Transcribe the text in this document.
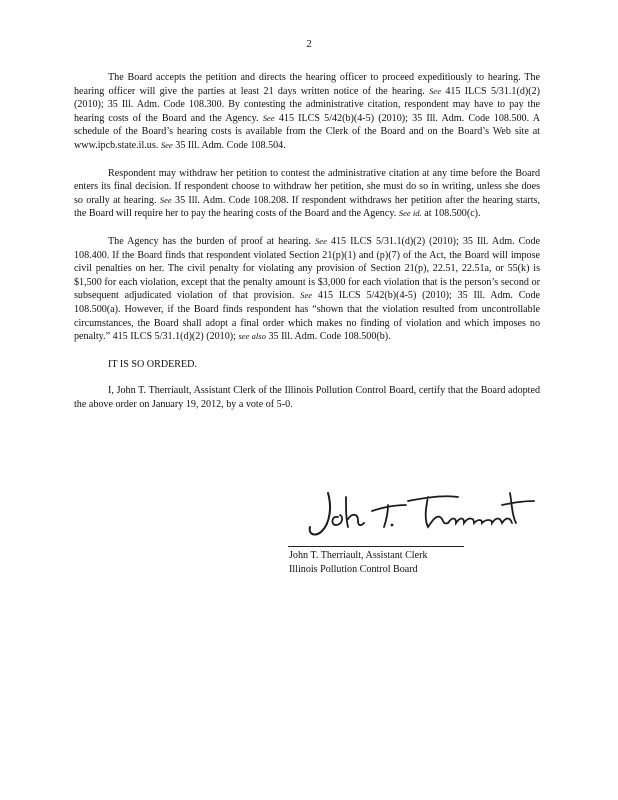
2

The Board accepts the petition and directs the hearing officer to proceed expeditiously to hearing. The hearing officer will give the parties at least 21 days written notice of the hearing. See 415 ILCS 5/31.1(d)(2) (2010); 35 Ill. Adm. Code 108.300. By contesting the administrative citation, respondent may have to pay the hearing costs of the Board and the Agency. See 415 ILCS 5/42(b)(4-5) (2010); 35 Ill. Adm. Code 108.500. A schedule of the Board’s hearing costs is available from the Clerk of the Board and on the Board’s Web site at www.ipcb.state.il.us. See 35 Ill. Adm. Code 108.504.

Respondent may withdraw her petition to contest the administrative citation at any time before the Board enters its final decision. If respondent choose to withdraw her petition, she must do so in writing, unless she does so orally at hearing. See 35 Ill. Adm. Code 108.208. If respondent withdraws her petition after the hearing starts, the Board will require her to pay the hearing costs of the Board and the Agency. See id. at 108.500(c).

The Agency has the burden of proof at hearing. See 415 ILCS 5/31.1(d)(2) (2010); 35 Ill. Adm. Code 108.400. If the Board finds that respondent violated Section 21(p)(1) and (p)(7) of the Act, the Board will impose civil penalties on her. The civil penalty for violating any provision of Section 21(p), 22.51, 22.51a, or 55(k) is $1,500 for each violation, except that the penalty amount is $3,000 for each violation that is the person’s second or subsequent adjudicated violation of that provision. See 415 ILCS 5/42(b)(4-5) (2010); 35 Ill. Adm. Code 108.500(a). However, if the Board finds respondent has “shown that the violation resulted from uncontrollable circumstances, the Board shall adopt a final order which makes no finding of violation and which imposes no penalty.” 415 ILCS 5/31.1(d)(2) (2010); see also 35 Ill. Adm. Code 108.500(b).

IT IS SO ORDERED.

I, John T. Therriault, Assistant Clerk of the Illinois Pollution Control Board, certify that the Board adopted the above order on January 19, 2012, by a vote of 5-0.

John T. Therriault, Assistant Clerk
Illinois Pollution Control Board
